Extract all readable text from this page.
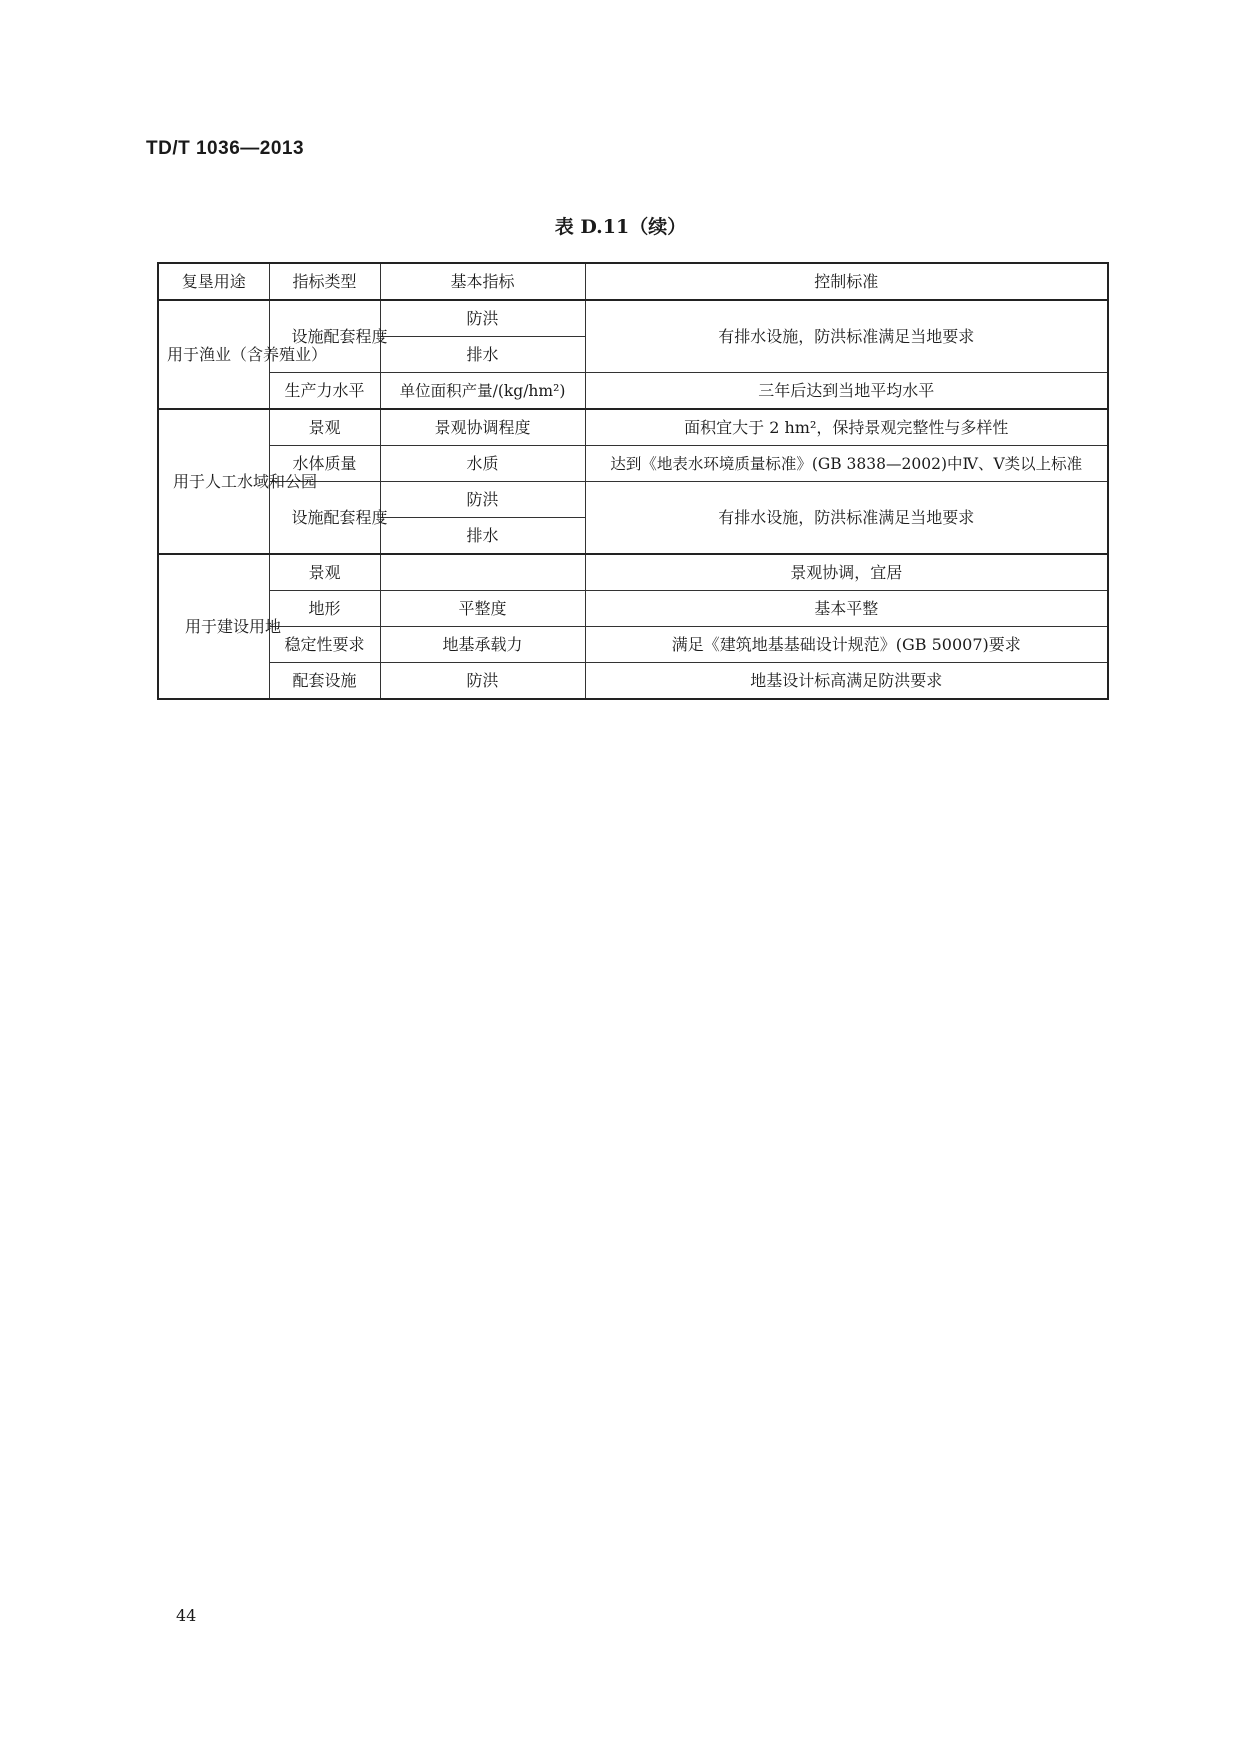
TD/T 1036—2013
表 D.11（续）
复垦用途	指标类型	基本指标	控制标准
用于渔业（含养殖业）	设施配套程度	防洪	有排水设施，防洪标准满足当地要求
		排水	
	生产力水平	单位面积产量/(kg/hm²)	三年后达到当地平均水平
用于人工水域和公园	景观	景观协调程度	面积宜大于 2 hm²，保持景观完整性与多样性
	水体质量	水质	达到《地表水环境质量标准》(GB 3838—2002)中Ⅳ、Ⅴ类以上标准
	设施配套程度	防洪	有排水设施，防洪标准满足当地要求
		排水	
用于建设用地	景观		景观协调，宜居
	地形	平整度	基本平整
	稳定性要求	地基承载力	满足《建筑地基基础设计规范》(GB 50007)要求
	配套设施	防洪	地基设计标高满足防洪要求
44
